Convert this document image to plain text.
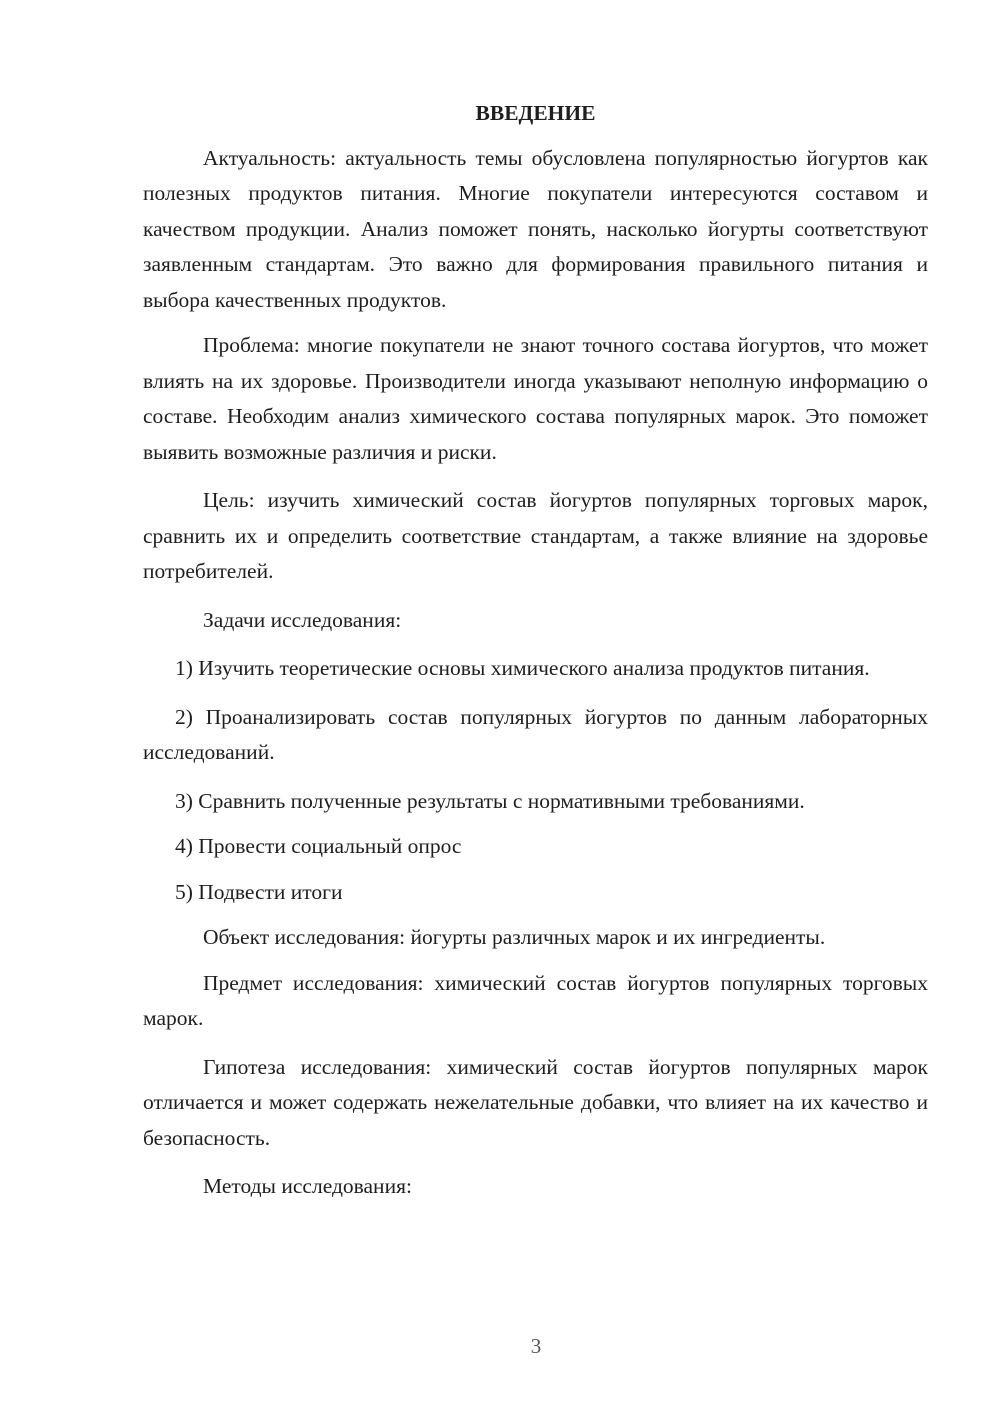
ВВЕДЕНИЕ

Актуальность: актуальность темы обусловлена популярностью йогуртов как полезных продуктов питания. Многие покупатели интересуются составом и качеством продукции. Анализ поможет понять, насколько йогурты соответствуют заявленным стандартам. Это важно для формирования правильного питания и выбора качественных продуктов.

Проблема: многие покупатели не знают точного состава йогуртов, что может влиять на их здоровье. Производители иногда указывают неполную информацию о составе. Необходим анализ химического состава популярных марок. Это поможет выявить возможные различия и риски.

Цель: изучить химический состав йогуртов популярных торговых марок, сравнить их и определить соответствие стандартам, а также влияние на здоровье потребителей.

Задачи исследования:

1) Изучить теоретические основы химического анализа продуктов питания.

2) Проанализировать состав популярных йогуртов по данным лабораторных исследований.

3) Сравнить полученные результаты с нормативными требованиями.

4) Провести социальный опрос

5) Подвести итоги

Объект исследования: йогурты различных марок и их ингредиенты.

Предмет исследования: химический состав йогуртов популярных торговых марок.

Гипотеза исследования: химический состав йогуртов популярных марок отличается и может содержать нежелательные добавки, что влияет на их качество и безопасность.

Методы исследования:

3
